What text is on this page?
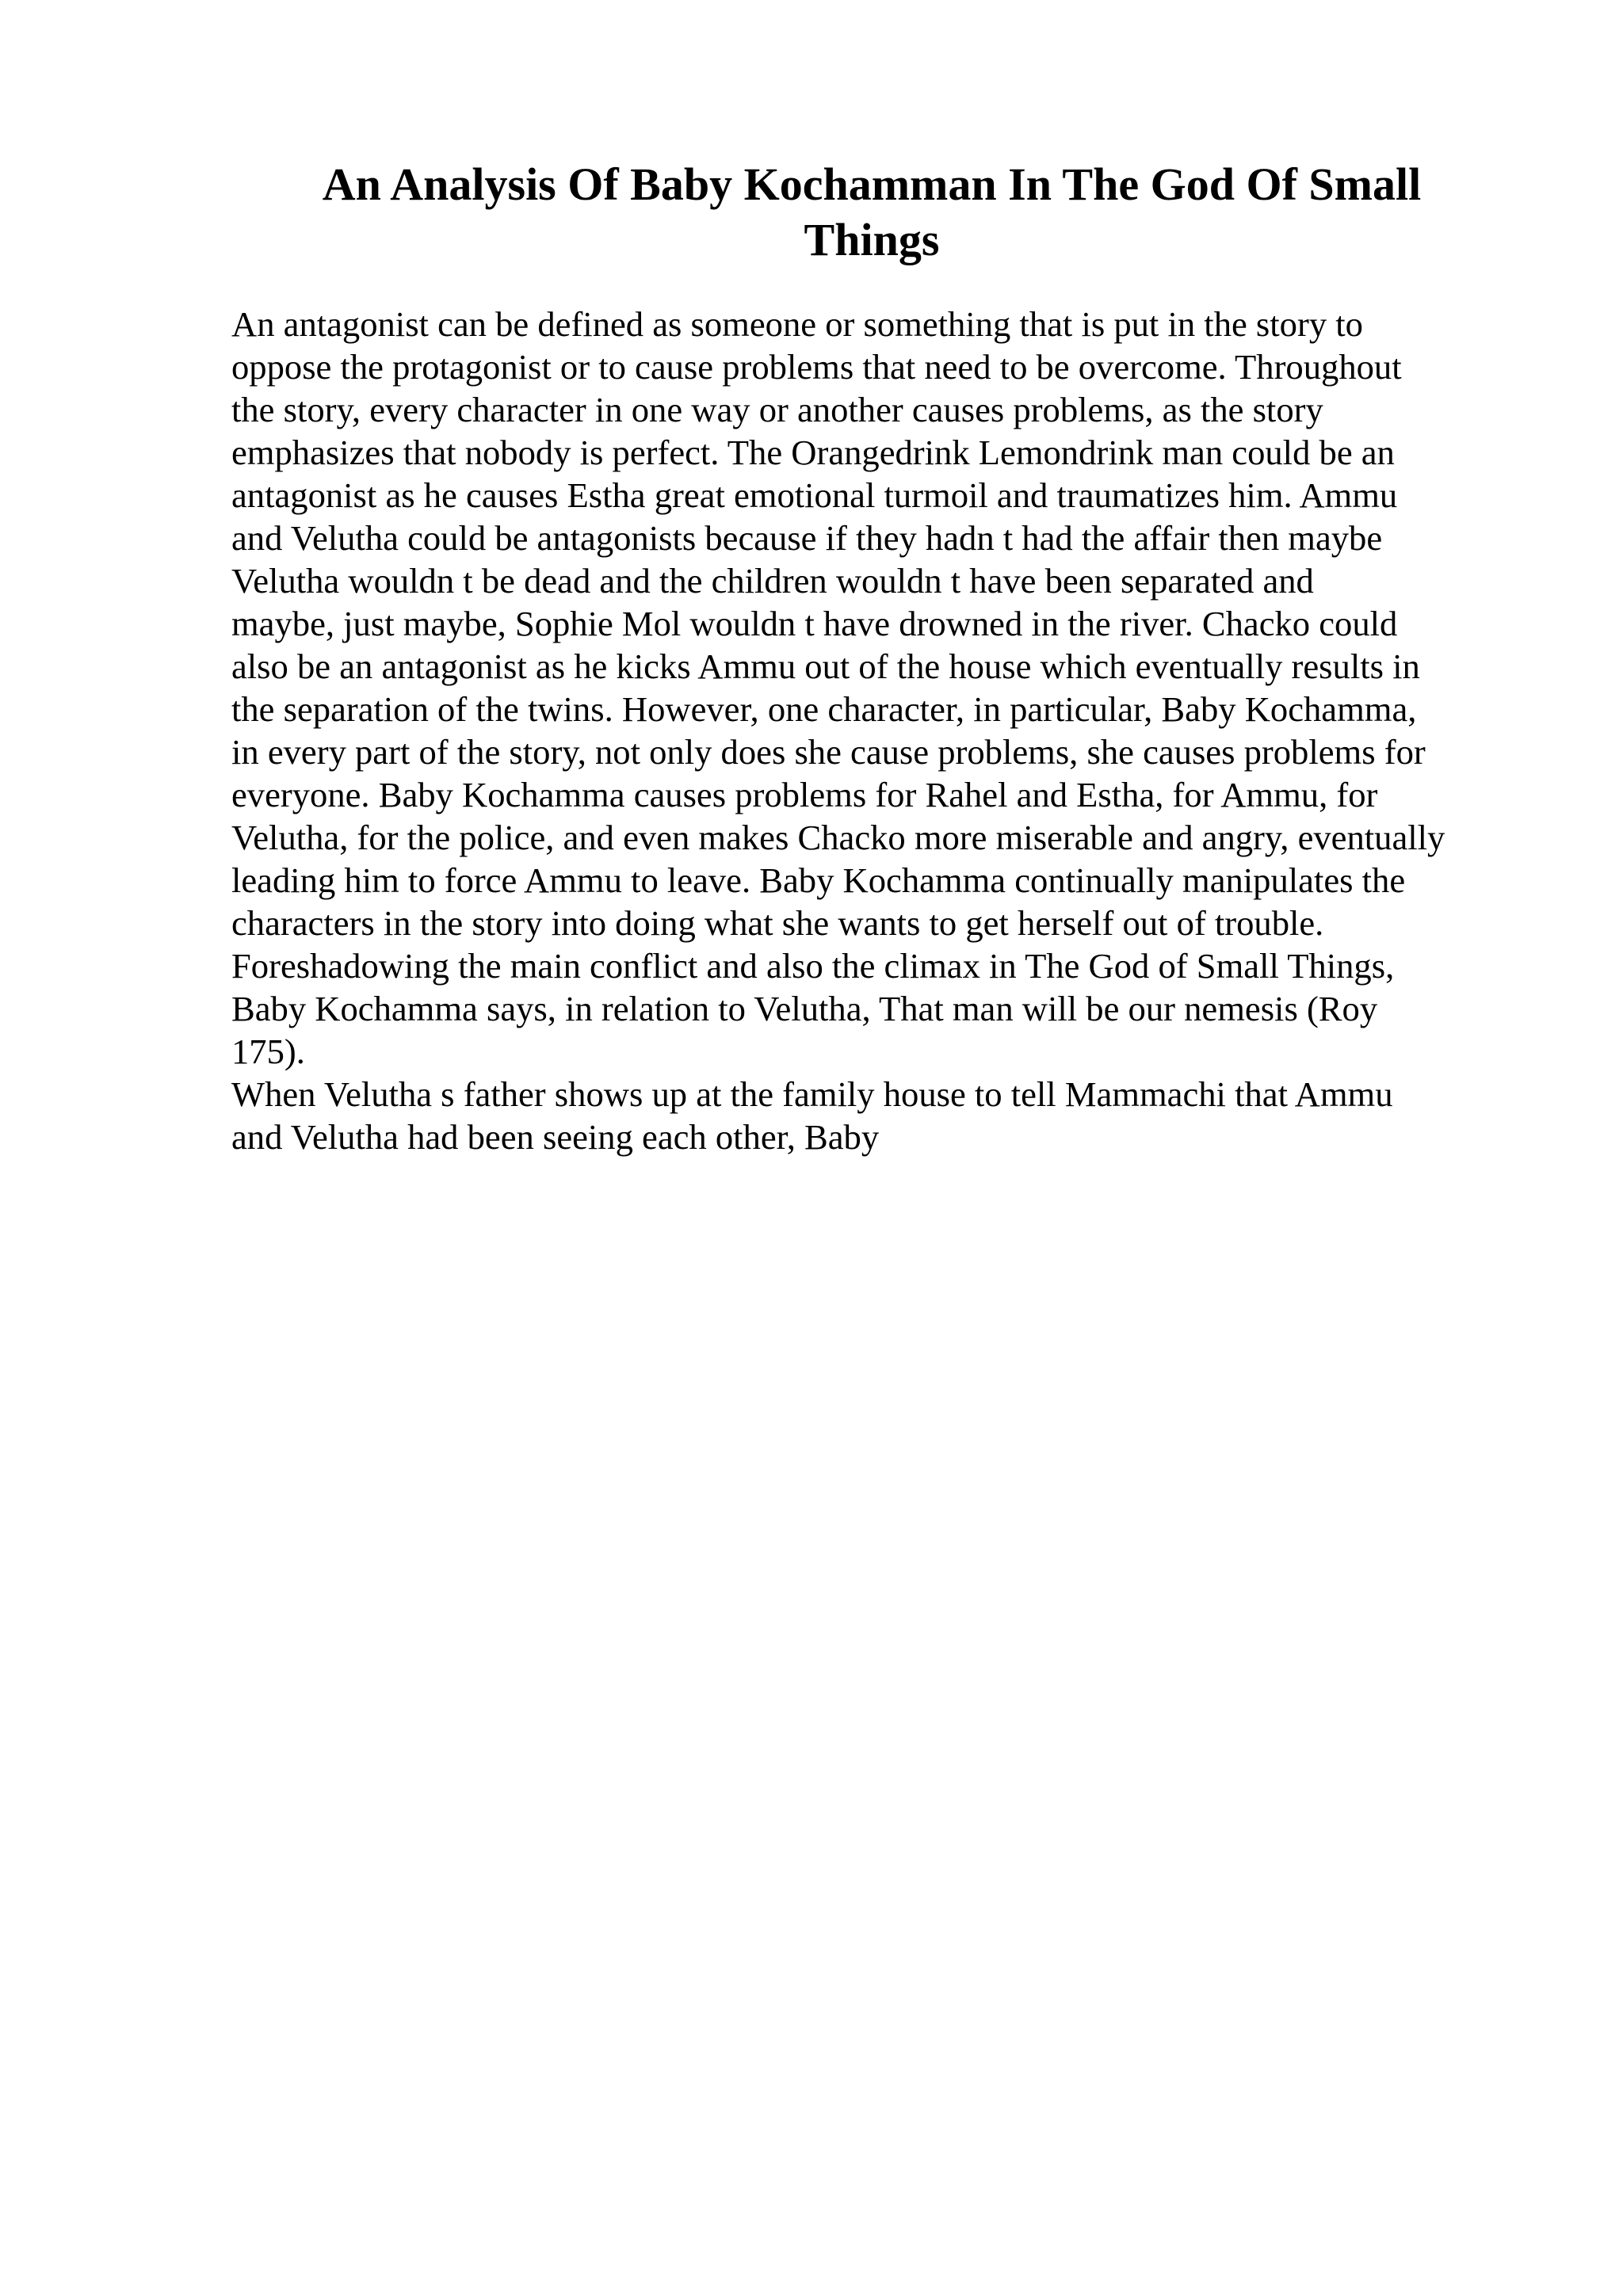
An Analysis Of Baby Kochamman In The God Of Small
Things

An antagonist can be defined as someone or something that is put in the story to
oppose the protagonist or to cause problems that need to be overcome. Throughout
the story, every character in one way or another causes problems, as the story
emphasizes that nobody is perfect. The Orangedrink Lemondrink man could be an
antagonist as he causes Estha great emotional turmoil and traumatizes him. Ammu
and Velutha could be antagonists because if they hadn t had the affair then maybe
Velutha wouldn t be dead and the children wouldn t have been separated and
maybe, just maybe, Sophie Mol wouldn t have drowned in the river. Chacko could
also be an antagonist as he kicks Ammu out of the house which eventually results in
the separation of the twins. However, one character, in particular, Baby Kochamma,
in every part of the story, not only does she cause problems, she causes problems for
everyone. Baby Kochamma causes problems for Rahel and Estha, for Ammu, for
Velutha, for the police, and even makes Chacko more miserable and angry, eventually
leading him to force Ammu to leave. Baby Kochamma continually manipulates the
characters in the story into doing what she wants to get herself out of trouble.
Foreshadowing the main conflict and also the climax in The God of Small Things,
Baby Kochamma says, in relation to Velutha, That man will be our nemesis (Roy
175).

When Velutha s father shows up at the family house to tell Mammachi that Ammu
and Velutha had been seeing each other, Baby
